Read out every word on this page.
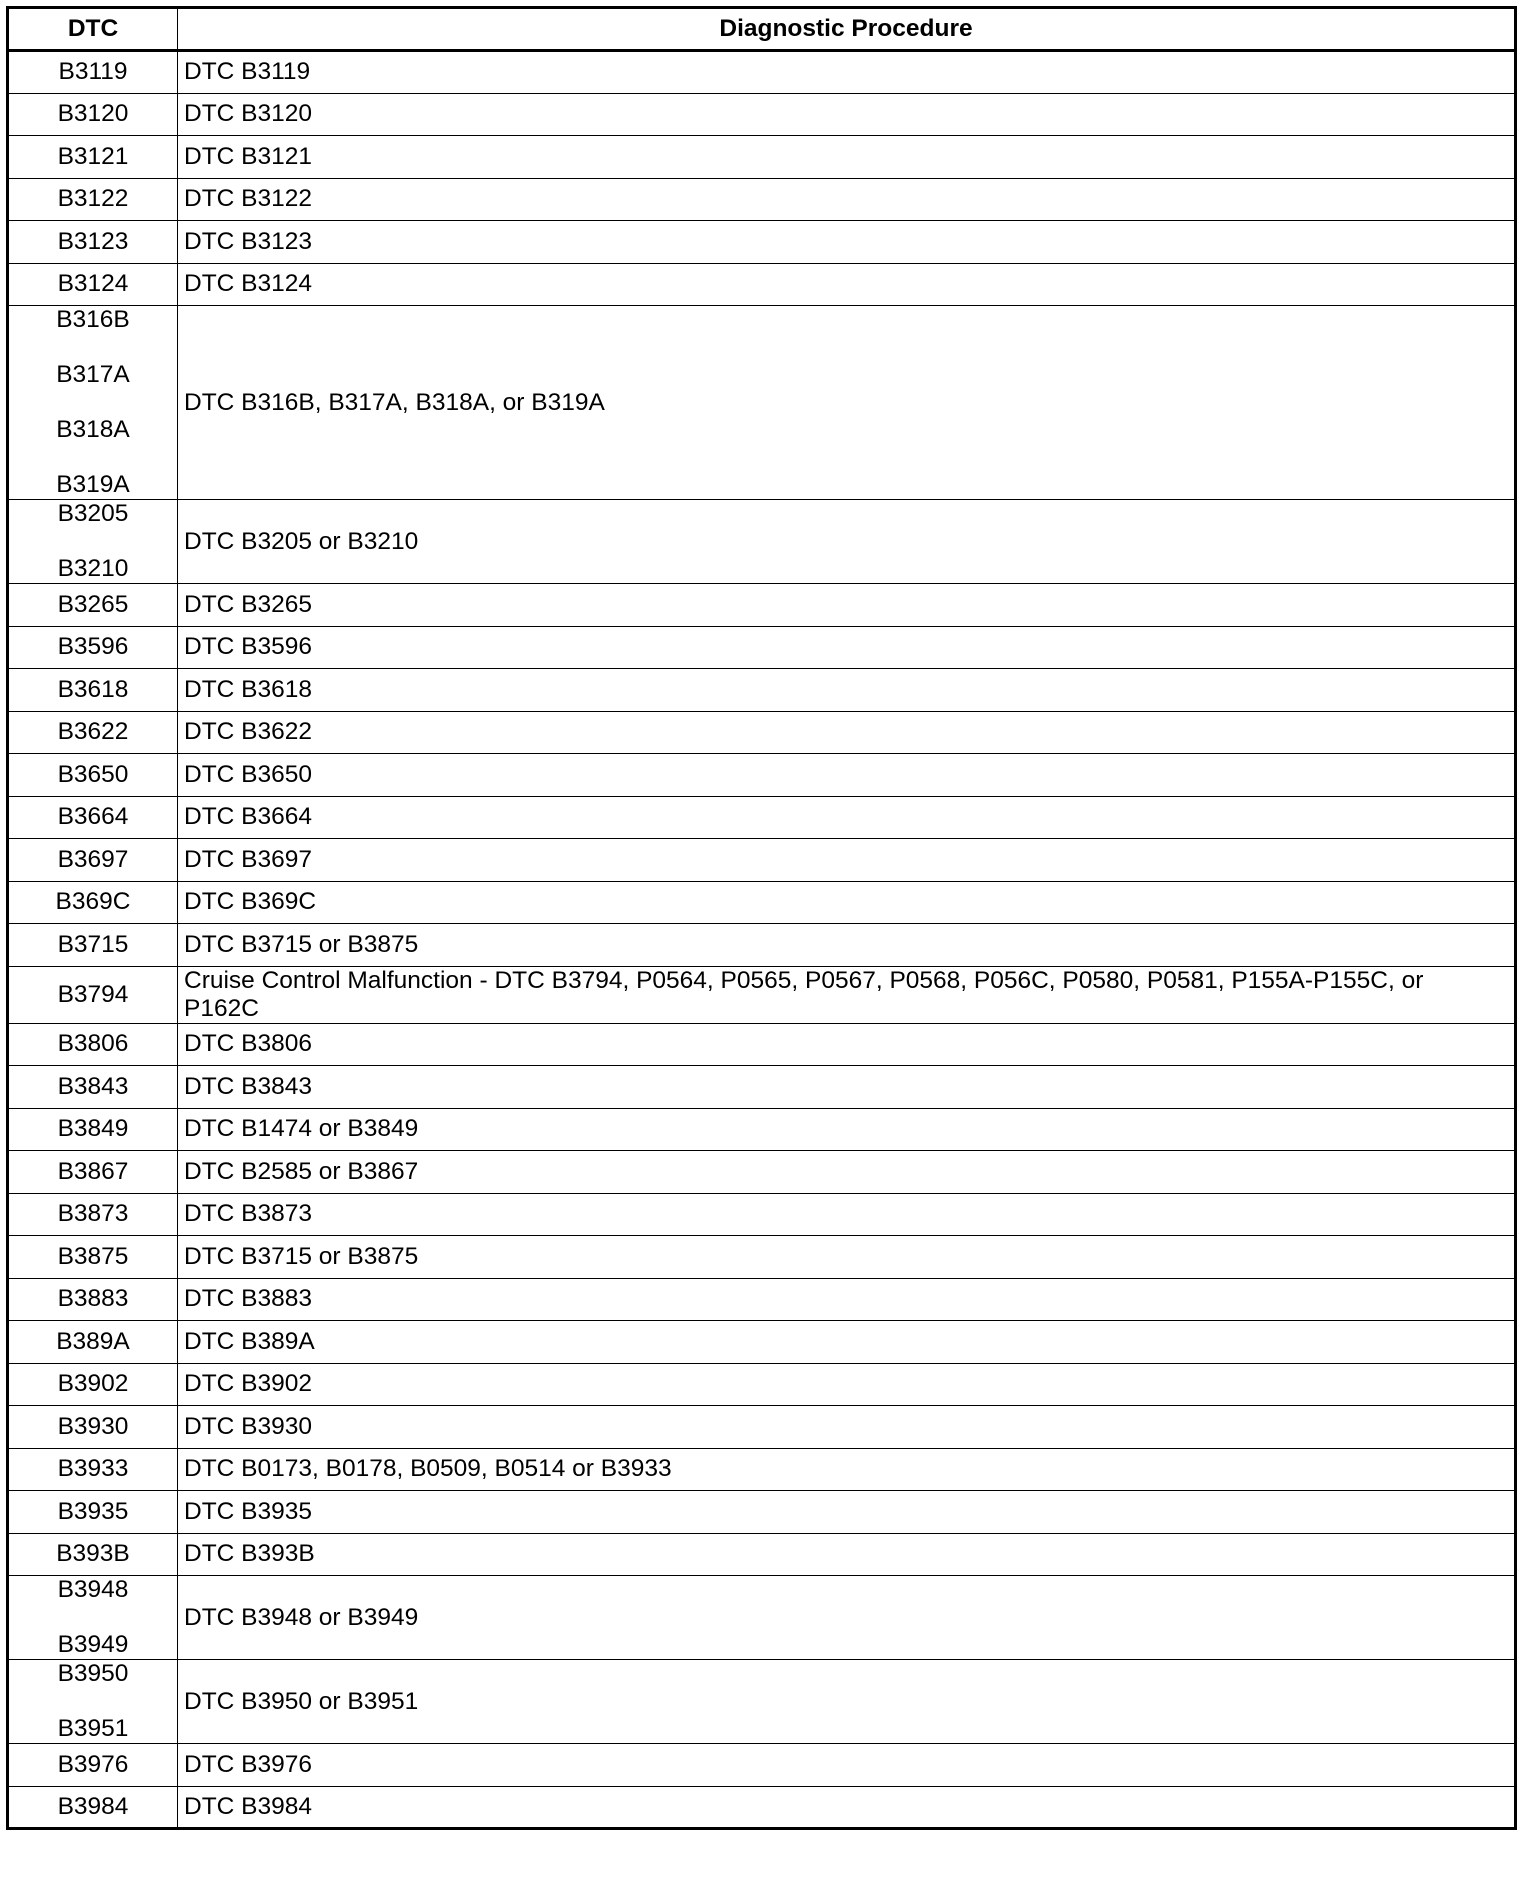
DTC	Diagnostic Procedure

B3119	DTC B3119

B3120	DTC B3120

B3121	DTC B3121

B3122	DTC B3122

B3123	DTC B3123

B3124	DTC B3124

B316B
B317A
B318A
B319A	DTC B316B, B317A, B318A, or B319A

B3205
B3210	DTC B3205 or B3210

B3265	DTC B3265

B3596	DTC B3596

B3618	DTC B3618

B3622	DTC B3622

B3650	DTC B3650

B3664	DTC B3664

B3697	DTC B3697

B369C	DTC B369C

B3715	DTC B3715 or B3875

B3794	Cruise Control Malfunction - DTC B3794, P0564, P0565, P0567, P0568, P056C, P0580, P0581, P155A-P155C, or P162C

B3806	DTC B3806

B3843	DTC B3843

B3849	DTC B1474 or B3849

B3867	DTC B2585 or B3867

B3873	DTC B3873

B3875	DTC B3715 or B3875

B3883	DTC B3883

B389A	DTC B389A

B3902	DTC B3902

B3930	DTC B3930

B3933	DTC B0173, B0178, B0509, B0514 or B3933

B3935	DTC B3935

B393B	DTC B393B

B3948
B3949	DTC B3948 or B3949

B3950
B3951	DTC B3950 or B3951

B3976	DTC B3976

B3984	DTC B3984
